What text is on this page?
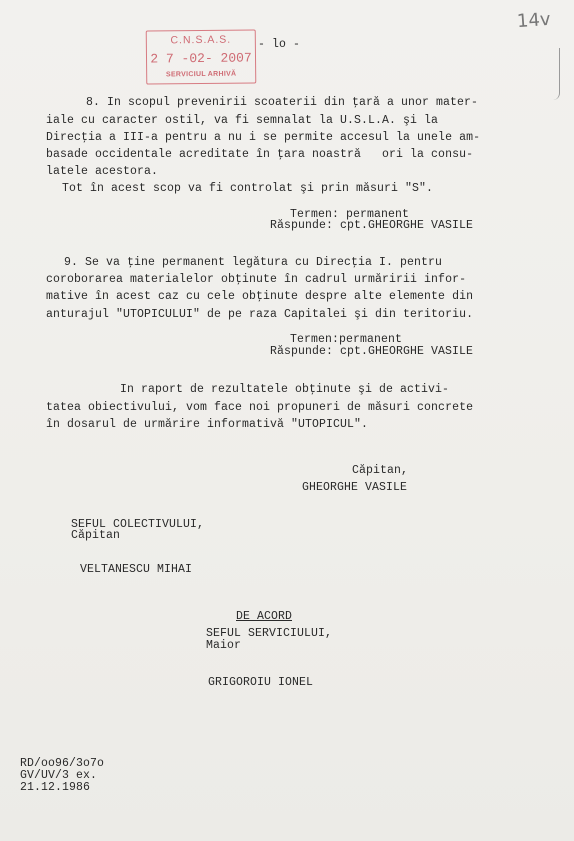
C.N.S.A.S.
2 7 -02- 2007
SERVICIUL ARHIVĂ
- lo -
14v
8. In scopul prevenirii scoaterii din ţară a unor mater-
iale cu caracter ostil, va fi semnalat la U.S.L.A. şi la
Direcţia a III-a pentru a nu i se permite accesul la unele am-
basade occidentale acreditate în ţara noastră   ori la consu-
latele acestora.
Tot în acest scop va fi controlat şi prin măsuri "S".
Termen: permanent
Răspunde: cpt.GHEORGHE VASILE
9. Se va ţine permanent legătura cu Direcţia I. pentru
coroborarea materialelor obţinute în cadrul urmăririi infor-
mative în acest caz cu cele obţinute despre alte elemente din
anturajul "UTOPICULUI" de pe raza Capitalei şi din teritoriu.
Termen:permanent
Răspunde: cpt.GHEORGHE VASILE
In raport de rezultatele obţinute şi de activi-
tatea obiectivului, vom face noi propuneri de măsuri concrete
în dosarul de urmărire informativă "UTOPICUL".
Căpitan,
GHEORGHE VASILE
SEFUL COLECTIVULUI,
Căpitan
VELTANESCU MIHAI
DE ACORD
SEFUL SERVICIULUI,
Maior
GRIGOROIU IONEL
RD/oo96/3o7o
GV/UV/3 ex.
21.12.1986
